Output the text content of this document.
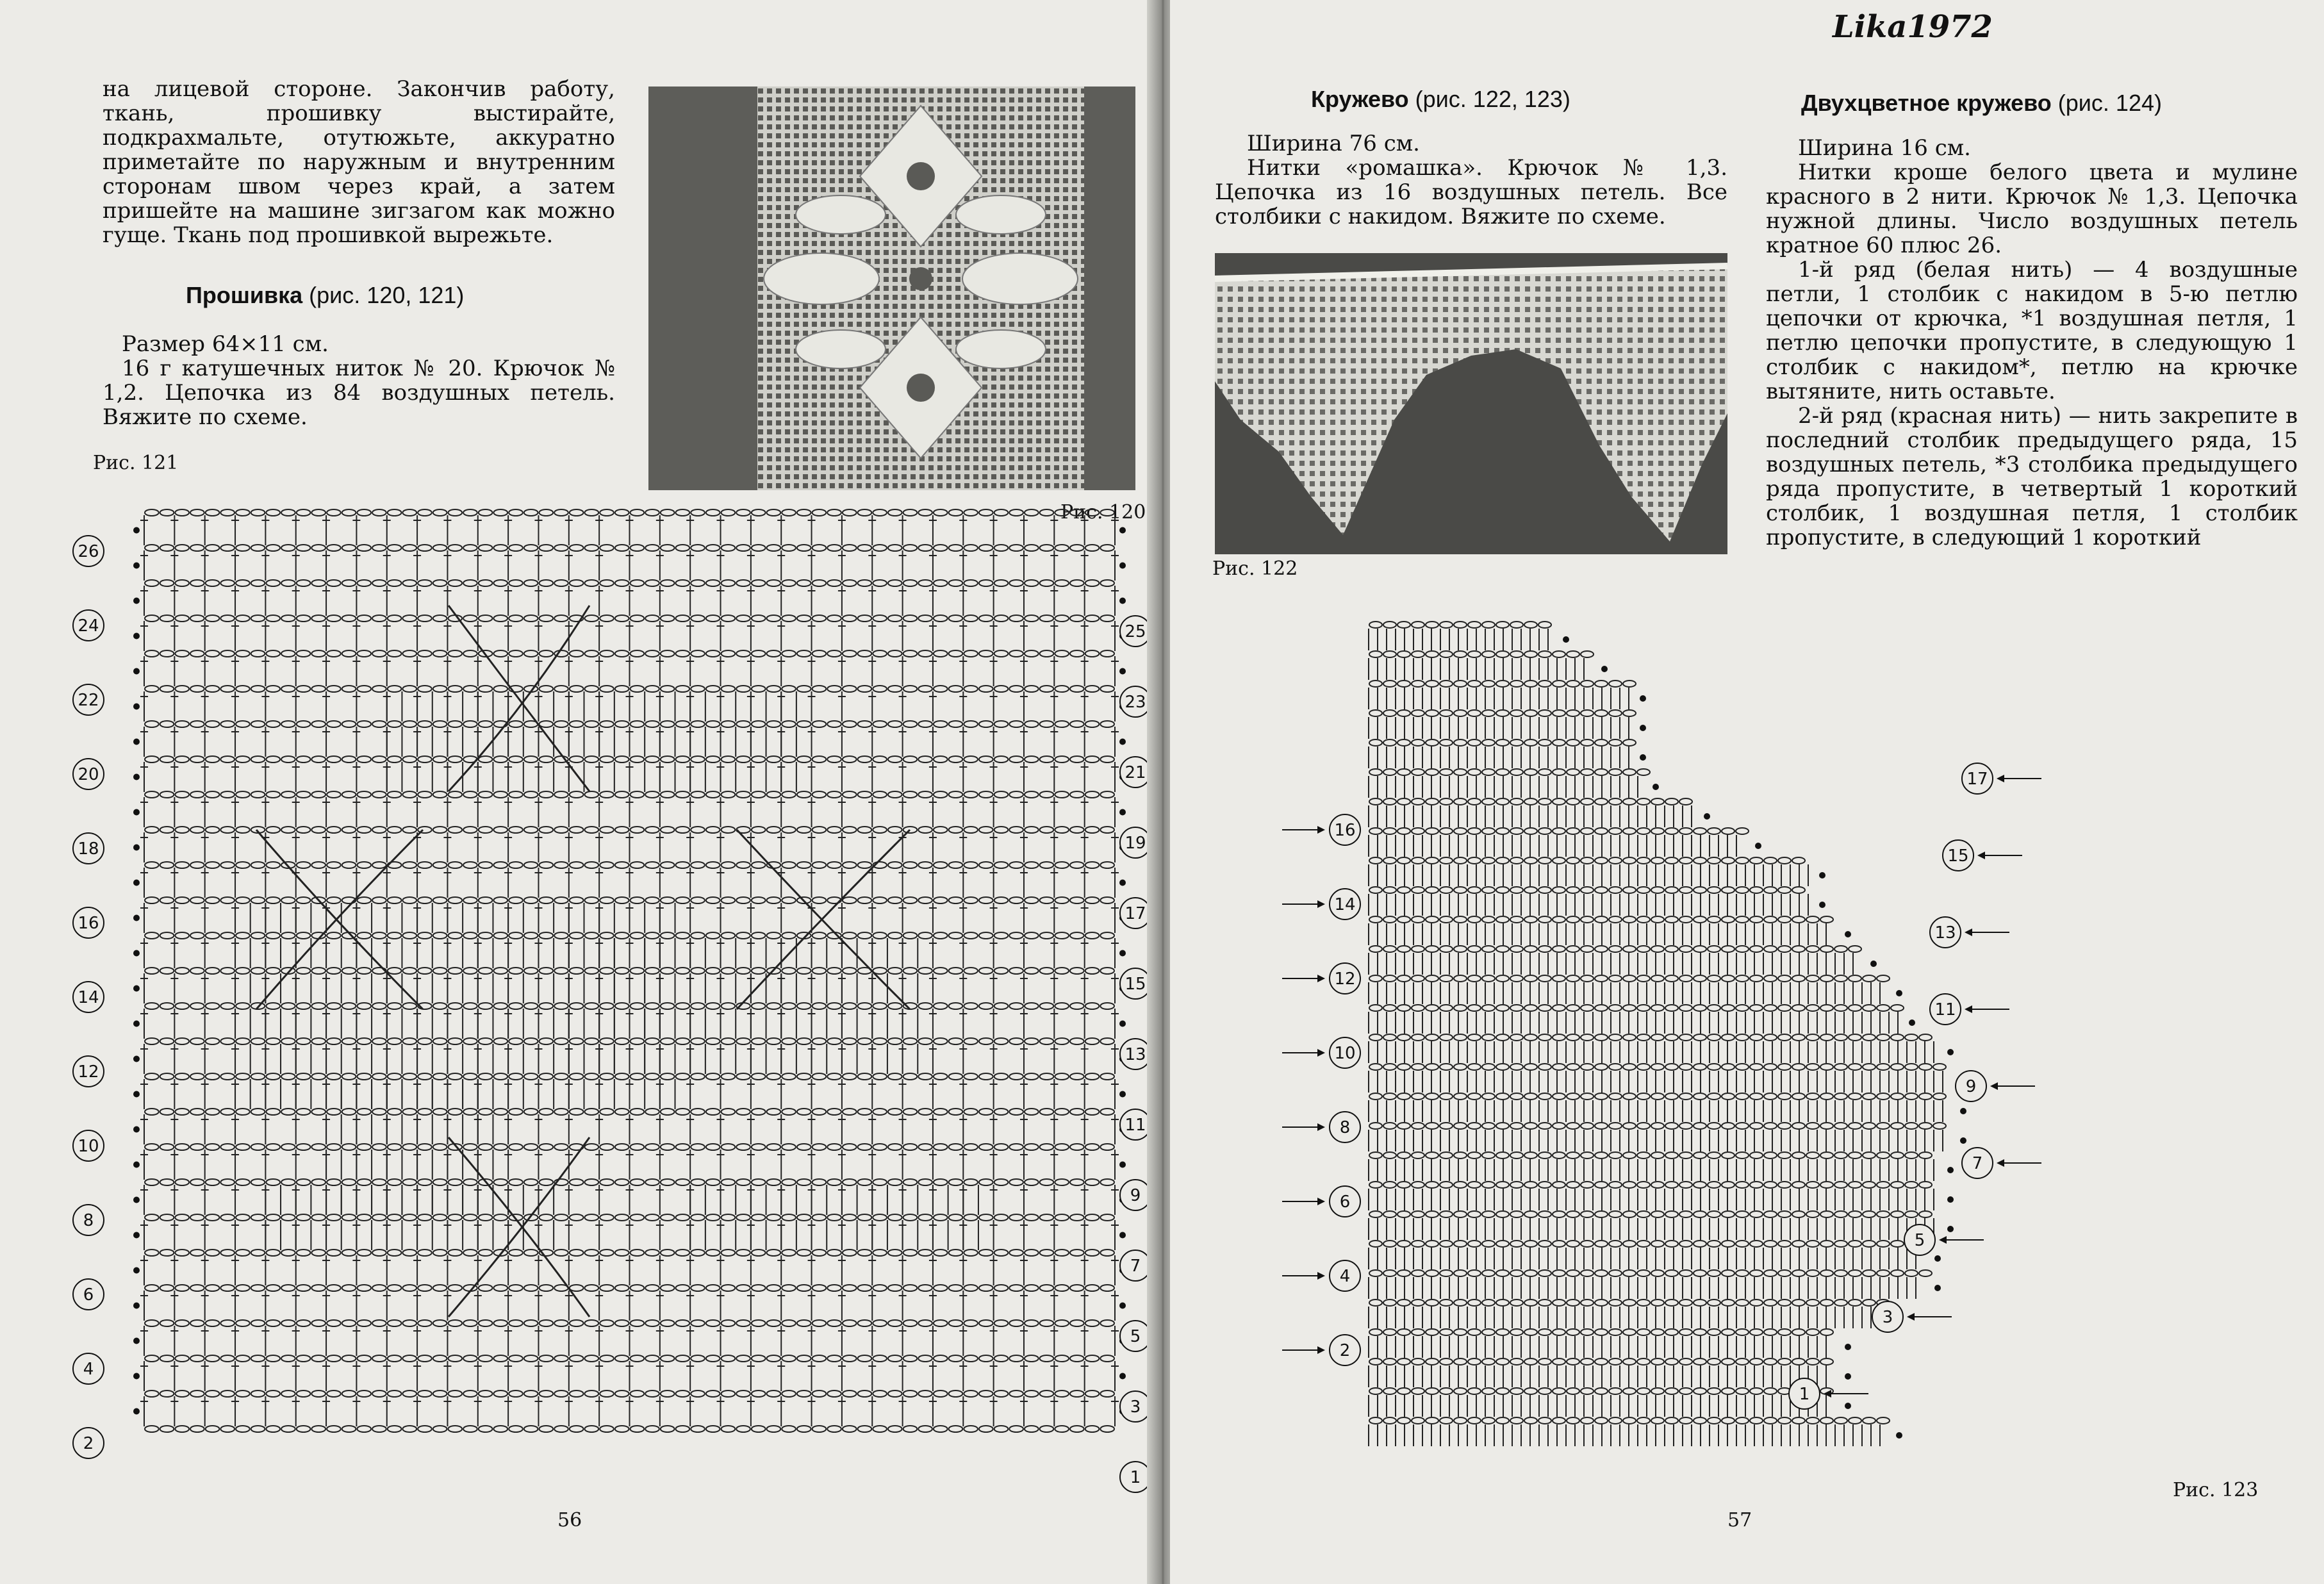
на лицевой стороне. Закончив работу, ткань, прошивку выстирайте, подкрахмальте, отутюжьте, аккуратно приметайте по наружным и внутренним сторонам швом через край, а затем пришейте на машине зигзагом как можно гуще. Ткань под прошивкой вырежьте.

Прошивка (рис. 120, 121)

Размер 64×11 см.

16 г катушечных ниток № 20. Крючок № 1,2. Цепочка из 84 воздушных петель. Вяжите по схеме.

Рис. 121
Рис. 120
26
24
22
20
18
16
14
12
10
8
6
4
2
25
23
21
19
17
15
13
11
9
7
5
3
1
56
Lika1972
Кружево (рис. 122, 123)

Ширина 76 см.

Нитки «ромашка». Крючок № 1,3. Цепочка из 16 воздушных петель. Все столбики с накидом. Вяжите по схеме.

Рис. 122
Двухцветное кружево (рис. 124)

Ширина 16 см.

Нитки кроше белого цвета и мулине красного в 2 нити. Крючок № 1,3. Цепочка нужной длины. Число воздушных петель кратное 60 плюс 26.

1-й ряд (белая нить) — 4 воздушные петли, 1 столбик с накидом в 5-ю петлю цепочки от крючка, *1 воздушная петля, 1 петлю цепочки пропустите, в следующую 1 столбик с накидом*, петлю на крючке вытяните, нить оставьте.

2-й ряд (красная нить) — нить закрепите в последний столбик предыдущего ряда, 15 воздушных петель, *3 столбика предыдущего ряда пропустите, в четвертый 1 короткий столбик, 1 воздушная петля, 1 столбик пропустите, в следующий 1 короткий

16
14
12
10
8
6
4
2
17
15
13
11
9
7
5
3
1
Рис. 123
57
